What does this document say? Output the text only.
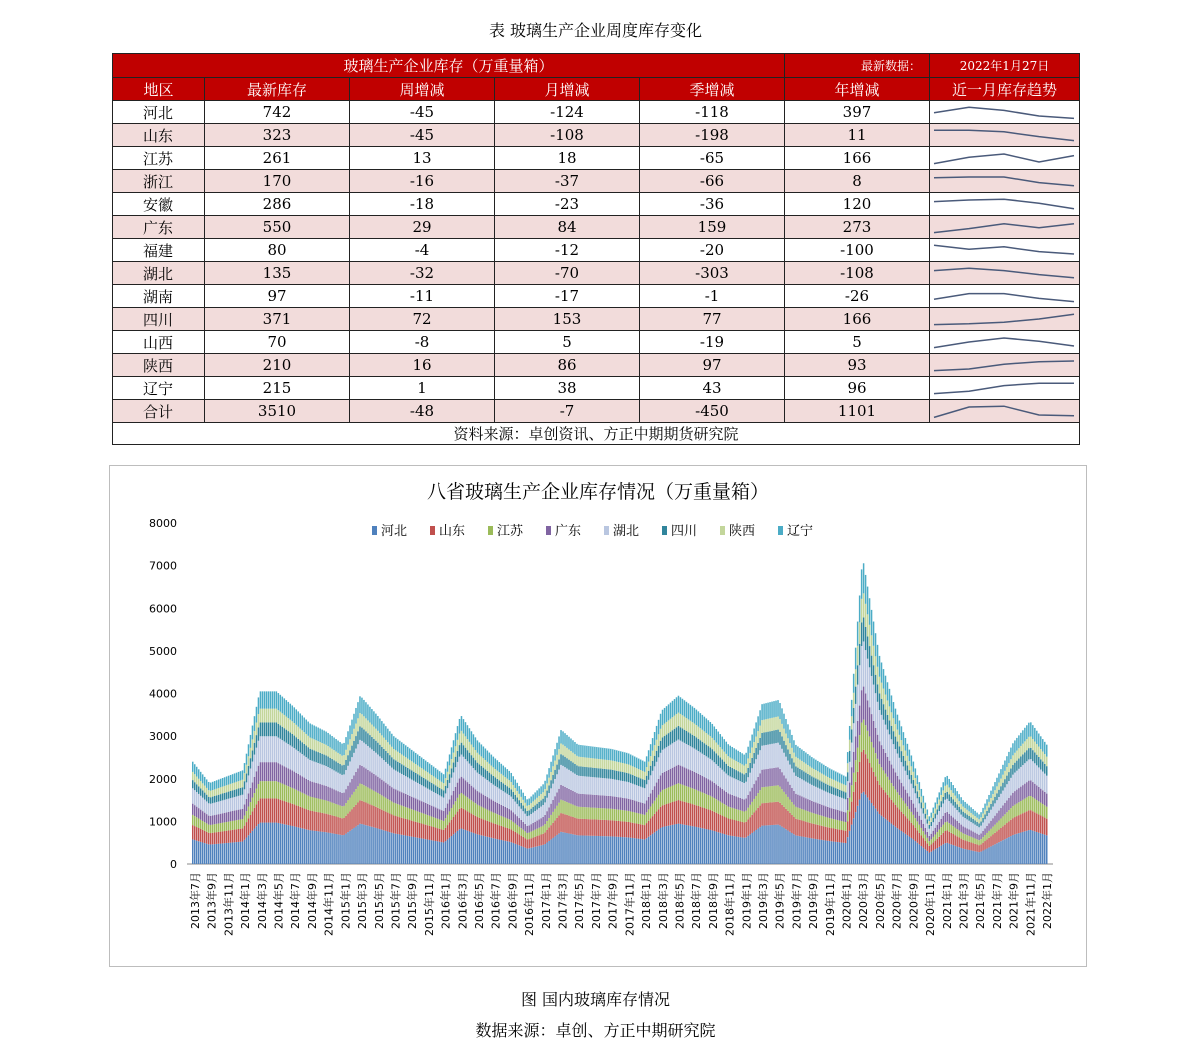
表 玻璃生产企业周度库存变化
玻璃生产企业库存（万重量箱）					最新数据：	2022年1月27日
地区	最新库存	周增减	月增减	季增减	年增减	近一月库存趋势
河北	742	-45	-124	-118	397	

山东	323	-45	-108	-198	11	

江苏	261	13	18	-65	166	

浙江	170	-16	-37	-66	8	

安徽	286	-18	-23	-36	120	

广东	550	29	84	159	273	

福建	80	-4	-12	-20	-100	

湖北	135	-32	-70	-303	-108	

湖南	97	-11	-17	-1	-26	

四川	371	72	153	77	166	

山西	70	-8	5	-19	5	

陕西	210	16	86	97	93	

辽宁	215	1	38	43	96	

合计	3510	-48	-7	-450	1101	

资料来源：卓创资讯、方正中期期货研究院						
八省玻璃生产企业库存情况（万重量箱）
0
1000
2000
3000
4000
5000
6000
7000
8000
河北 山东 江苏 广东 湖北 四川 陕西 辽宁
2013年7月 2013年9月 2013年11月 2014年1月 2014年3月 2014年5月 2014年7月 2014年9月 2014年11月 2015年1月 2015年3月 2015年5月 2015年7月 2015年9月 2015年11月 2016年1月 2016年3月 2016年5月 2016年7月 2016年9月 2016年11月 2017年1月 2017年3月 2017年5月 2017年7月 2017年9月 2017年11月 2018年1月 2018年3月 2018年5月 2018年7月 2018年9月 2018年11月 2019年1月 2019年3月 2019年5月 2019年7月 2019年9月 2019年11月 2020年1月 2020年3月 2020年5月 2020年7月 2020年9月 2020年11月 2021年1月 2021年3月 2021年5月 2021年7月 2021年9月 2021年11月 2022年1月
图 国内玻璃库存情况
数据来源：卓创、方正中期研究院
